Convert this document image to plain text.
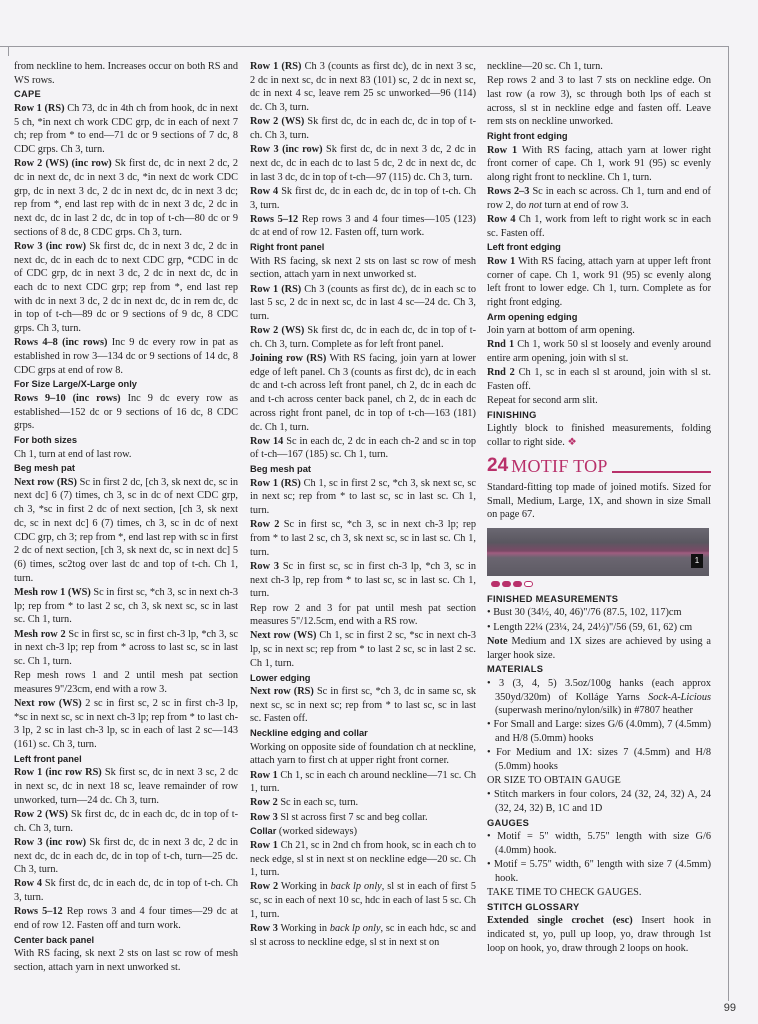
from neckline to hem. Increases occur on both RS and WS rows.

CAPE

Row 1 (RS) Ch 73, dc in 4th ch from hook, dc in next 5 ch, *in next ch work CDC grp, dc in each of next 7 ch; rep from * to end—71 dc or 9 sections of 7 dc, 8 CDC grps. Ch 3, turn.

Row 2 (WS) (inc row) Sk first dc, dc in next 2 dc, 2 dc in next dc, dc in next 3 dc, *in next dc work CDC grp, dc in next 3 dc, 2 dc in next dc, dc in next 3 dc; rep from *, end last rep with dc in next 3 dc, 2 dc in next dc, dc in last 2 dc, dc in top of t-ch—80 dc or 9 sections of 8 dc, 8 CDC grps. Ch 3, turn.

Row 3 (inc row) Sk first dc, dc in next 3 dc, 2 dc in next dc, dc in each dc to next CDC grp, *CDC in dc of CDC grp, dc in next 3 dc, 2 dc in next dc, dc in each dc to next CDC grp; rep from *, end last rep with dc in next 3 dc, 2 dc in next dc, dc in rem dc, dc in top of t-ch—89 dc or 9 sections of 9 dc, 8 CDC grps. Ch 3, turn.

Rows 4–8 (inc rows) Inc 9 dc every row in pat as established in row 3—134 dc or 9 sections of 14 dc, 8 CDC grps at end of row 8.

For Size Large/X-Large only

Rows 9–10 (inc rows) Inc 9 dc every row as established—152 dc or 9 sections of 16 dc, 8 CDC grps.

For both sizes

Ch 1, turn at end of last row.

Beg mesh pat

Next row (RS) Sc in first 2 dc, [ch 3, sk next dc, sc in next dc] 6 (7) times, ch 3, sc in dc of next CDC grp, ch 3, *sc in first 2 dc of next section, [ch 3, sk next dc, sc in next dc] 6 (7) times, ch 3, sc in dc of next CDC grp, ch 3; rep from *, end last rep with sc in first 2 dc of next section, [ch 3, sk next dc, sc in next dc] 5 (6) times, sc2tog over last dc and top of t-ch. Ch 1, turn.

Mesh row 1 (WS) Sc in first sc, *ch 3, sc in next ch-3 lp; rep from * to last 2 sc, ch 3, sk next sc, sc in last sc. Ch 1, turn.

Mesh row 2 Sc in first sc, sc in first ch-3 lp, *ch 3, sc in next ch-3 lp; rep from * across to last sc, sc in last sc. Ch 1, turn.

Rep mesh rows 1 and 2 until mesh pat section measures 9"/23cm, end with a row 3.

Next row (WS) 2 sc in first sc, 2 sc in first ch-3 lp, *sc in next sc, sc in next ch-3 lp; rep from * to last ch-3 lp, 2 sc in last ch-3 lp, sc in each of last 2 sc—143 (161) sc. Ch 3, turn.

Left front panel

Row 1 (inc row RS) Sk first sc, dc in next 3 sc, 2 dc in next sc, dc in next 18 sc, leave remainder of row unworked, turn—24 dc. Ch 3, turn.

Row 2 (WS) Sk first dc, dc in each dc, dc in top of t-ch. Ch 3, turn.

Row 3 (inc row) Sk first dc, dc in next 3 dc, 2 dc in next dc, dc in each dc, dc in top of t-ch, turn—25 dc. Ch 3, turn.

Row 4 Sk first dc, dc in each dc, dc in top of t-ch. Ch 3, turn.

Rows 5–12 Rep rows 3 and 4 four times—29 dc at end of row 12. Fasten off and turn work.

Center back panel

With RS facing, sk next 2 sts on last sc row of mesh section, attach yarn in next unworked st.

Row 1 (RS) Ch 3 (counts as first dc), dc in next 3 sc, 2 dc in next sc, dc in next 83 (101) sc, 2 dc in next sc, dc in next 4 sc, leave rem 25 sc unworked—96 (114) dc. Ch 3, turn.

Row 2 (WS) Sk first dc, dc in each dc, dc in top of t-ch. Ch 3, turn.

Row 3 (inc row) Sk first dc, dc in next 3 dc, 2 dc in next dc, dc in each dc to last 5 dc, 2 dc in next dc, dc in last 3 dc, dc in top of t-ch—97 (115) dc. Ch 3, turn.

Row 4 Sk first dc, dc in each dc, dc in top of t-ch. Ch 3, turn.

Rows 5–12 Rep rows 3 and 4 four times—105 (123) dc at end of row 12. Fasten off, turn work.

Right front panel

With RS facing, sk next 2 sts on last sc row of mesh section, attach yarn in next unworked st.

Row 1 (RS) Ch 3 (counts as first dc), dc in each sc to last 5 sc, 2 dc in next sc, dc in last 4 sc—24 dc. Ch 3, turn.

Row 2 (WS) Sk first dc, dc in each dc, dc in top of t-ch. Ch 3, turn. Complete as for left front panel.

Joining row (RS) With RS facing, join yarn at lower edge of left panel. Ch 3 (counts as first dc), dc in each dc and t-ch across left front panel, ch 2, dc in each dc and t-ch across center back panel, ch 2, dc in each dc across right front panel, dc in top of t-ch—163 (181) dc. Ch 1, turn.

Row 14 Sc in each dc, 2 dc in each ch-2 and sc in top of t-ch—167 (185) sc. Ch 1, turn.

Beg mesh pat

Row 1 (RS) Ch 1, sc in first 2 sc, *ch 3, sk next sc, sc in next sc; rep from * to last sc, sc in last sc. Ch 1, turn.

Row 2 Sc in first sc, *ch 3, sc in next ch-3 lp; rep from * to last 2 sc, ch 3, sk next sc, sc in last sc. Ch 1, turn.

Row 3 Sc in first sc, sc in first ch-3 lp, *ch 3, sc in next ch-3 lp, rep from * to last sc, sc in last sc. Ch 1, turn.

Rep row 2 and 3 for pat until mesh pat section measures 5"/12.5cm, end with a RS row.

Next row (WS) Ch 1, sc in first 2 sc, *sc in next ch-3 lp, sc in next sc; rep from * to last 2 sc, sc in last 2 sc. Ch 1, turn.

Lower edging

Next row (RS) Sc in first sc, *ch 3, dc in same sc, sk next sc, sc in next sc; rep from * to last sc, sc in last sc. Fasten off.

Neckline edging and collar

Working on opposite side of foundation ch at neckline, attach yarn to first ch at upper right front corner.

Row 1 Ch 1, sc in each ch around neckline—71 sc. Ch 1, turn.

Row 2 Sc in each sc, turn.

Row 3 Sl st across first 7 sc and beg collar.

Collar (worked sideways)

Row 1 Ch 21, sc in 2nd ch from hook, sc in each ch to neck edge, sl st in next st on neckline edge—20 sc. Ch 1, turn.

Row 2 Working in back lp only, sl st in each of first 5 sc, sc in each of next 10 sc, hdc in each of last 5 sc. Ch 1, turn.

Row 3 Working in back lp only, sc in each hdc, sc and sl st across to neckline edge, sl st in next st on

neckline—20 sc. Ch 1, turn.

Rep rows 2 and 3 to last 7 sts on neckline edge. On last row (a row 3), sc through both lps of each st across, sl st in neckline edge and fasten off. Leave rem sts on neckline unworked.

Right front edging

Row 1 With RS facing, attach yarn at lower right front corner of cape. Ch 1, work 91 (95) sc evenly along right front to neckline. Ch 1, turn.

Rows 2–3 Sc in each sc across. Ch 1, turn and end of row 2, do not turn at end of row 3.

Row 4 Ch 1, work from left to right work sc in each sc. Fasten off.

Left front edging

Row 1 With RS facing, attach yarn at upper left front corner of cape. Ch 1, work 91 (95) sc evenly along left front to lower edge. Ch 1, turn. Complete as for right front edging.

Arm opening edging

Join yarn at bottom of arm opening.

Rnd 1 Ch 1, work 50 sl st loosely and evenly around entire arm opening, join with sl st.

Rnd 2 Ch 1, sc in each sl st around, join with sl st. Fasten off.

Repeat for second arm slit.

FINISHING

Lightly block to finished measurements, folding collar to right side. ❖

24 MOTIF TOP

Standard-fitting top made of joined motifs. Sized for Small, Medium, Large, 1X, and shown in size Small on page 67.

1
FINISHED MEASUREMENTS

• Bust 30 (34½, 40, 46)"/76 (87.5, 102, 117)cm

• Length 22¼ (23¼, 24, 24½)"/56 (59, 61, 62) cm

Note Medium and 1X sizes are achieved by using a larger hook size.

MATERIALS

• 3 (3, 4, 5) 3.5oz/100g hanks (each approx 350yd/320m) of Kolláge Yarns Sock-A-Licious (superwash merino/nylon/silk) in #7807 heather

• For Small and Large: sizes G/6 (4.0mm), 7 (4.5mm) and H/8 (5.0mm) hooks

• For Medium and 1X: sizes 7 (4.5mm) and H/8 (5.0mm) hooks

OR SIZE TO OBTAIN GAUGE

• Stitch markers in four colors, 24 (32, 24, 32) A, 24 (32, 24, 32) B, 1C and 1D

GAUGES

• Motif = 5" width, 5.75" length with size G/6 (4.0mm) hook.

• Motif = 5.75" width, 6" length with size 7 (4.5mm) hook.

TAKE TIME TO CHECK GAUGES.

STITCH GLOSSARY

Extended single crochet (esc) Insert hook in indicated st, yo, pull up loop, yo, draw through 1st loop on hook, yo, draw through 2 loops on hook.

99
